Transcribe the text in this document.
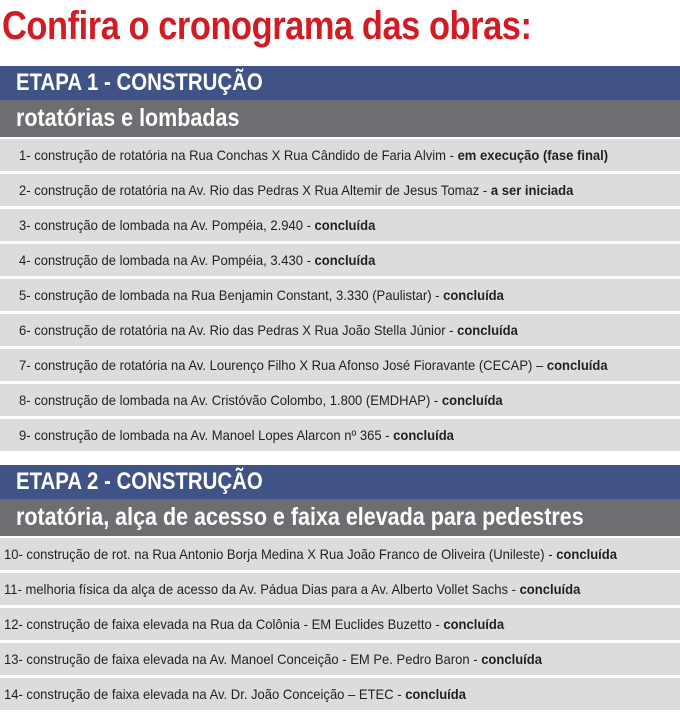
Confira o cronograma das obras:
ETAPA 1 - CONSTRUÇÃO
rotatórias e lombadas
1- construção de rotatória na Rua Conchas X Rua Cândido de Faria Alvim - em execução (fase final)
2- construção de rotatória na Av. Rio das Pedras X Rua Altemir de Jesus Tomaz - a ser iniciada
3- construção de lombada na Av. Pompéia, 2.940 - concluída
4- construção de lombada na Av. Pompéia, 3.430 - concluída
5- construção de lombada na Rua Benjamin Constant, 3.330 (Paulistar) - concluída
6- construção de rotatória na Av. Rio das Pedras X Rua João Stella Júnior - concluída
7- construção de rotatória na Av. Lourenço Filho X Rua Afonso José Fioravante (CECAP) – concluída
8- construção de lombada na Av. Cristóvão Colombo, 1.800 (EMDHAP) - concluída
9- construção de lombada na Av. Manoel Lopes Alarcon nº 365 - concluída
ETAPA 2 - CONSTRUÇÃO
rotatória, alça de acesso e faixa elevada para pedestres
10- construção de rot. na Rua Antonio Borja Medina X Rua João Franco de Oliveira (Unileste) - concluída
11- melhoria física da alça de acesso da Av. Pádua Dias para a Av. Alberto Vollet Sachs - concluída
12- construção de faixa elevada na Rua da Colônia - EM Euclides Buzetto - concluída
13- construção de faixa elevada na Av. Manoel Conceição - EM Pe. Pedro Baron - concluída
14- construção de faixa elevada na Av. Dr. João Conceição – ETEC - concluída
